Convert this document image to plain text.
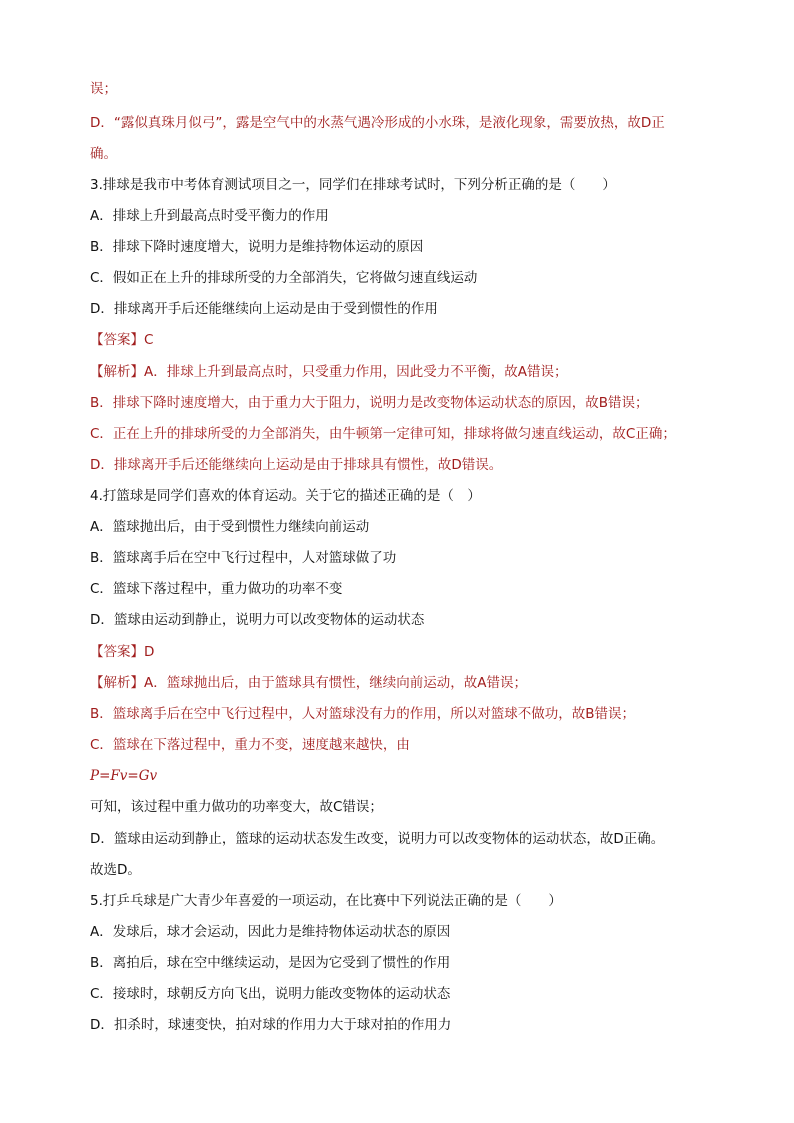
误；
D．“露似真珠月似弓”，露是空气中的水蒸气遇冷形成的小水珠，是液化现象，需要放热，故D正
确。
3.排球是我市中考体育测试项目之一，同学们在排球考试时，下列分析正确的是（　　）
A．排球上升到最高点时受平衡力的作用
B．排球下降时速度增大，说明力是维持物体运动的原因
C．假如正在上升的排球所受的力全部消失，它将做匀速直线运动
D．排球离开手后还能继续向上运动是由于受到惯性的作用
【答案】C
【解析】A．排球上升到最高点时，只受重力作用，因此受力不平衡，故A错误；
B．排球下降时速度增大，由于重力大于阻力，说明力是改变物体运动状态的原因，故B错误；
C．正在上升的排球所受的力全部消失，由牛顿第一定律可知，排球将做匀速直线运动，故C正确；
D．排球离开手后还能继续向上运动是由于排球具有惯性，故D错误。
4.打篮球是同学们喜欢的体育运动。关于它的描述正确的是（　）
A．篮球抛出后，由于受到惯性力继续向前运动
B．篮球离手后在空中飞行过程中，人对篮球做了功
C．篮球下落过程中，重力做功的功率不变
D．篮球由运动到静止，说明力可以改变物体的运动状态
【答案】D
【解析】A．篮球抛出后，由于篮球具有惯性，继续向前运动，故A错误；
B．篮球离手后在空中飞行过程中，人对篮球没有力的作用，所以对篮球不做功，故B错误；
C．篮球在下落过程中，重力不变，速度越来越快，由
P=Fv=Gv
可知，该过程中重力做功的功率变大，故C错误；
D．篮球由运动到静止，篮球的运动状态发生改变，说明力可以改变物体的运动状态，故D正确。
故选D。
5.打乒乓球是广大青少年喜爱的一项运动，在比赛中下列说法正确的是（　　）
A．发球后，球才会运动，因此力是维持物体运动状态的原因
B．离拍后，球在空中继续运动，是因为它受到了惯性的作用
C．接球时，球朝反方向飞出，说明力能改变物体的运动状态
D．扣杀时，球速变快，拍对球的作用力大于球对拍的作用力
